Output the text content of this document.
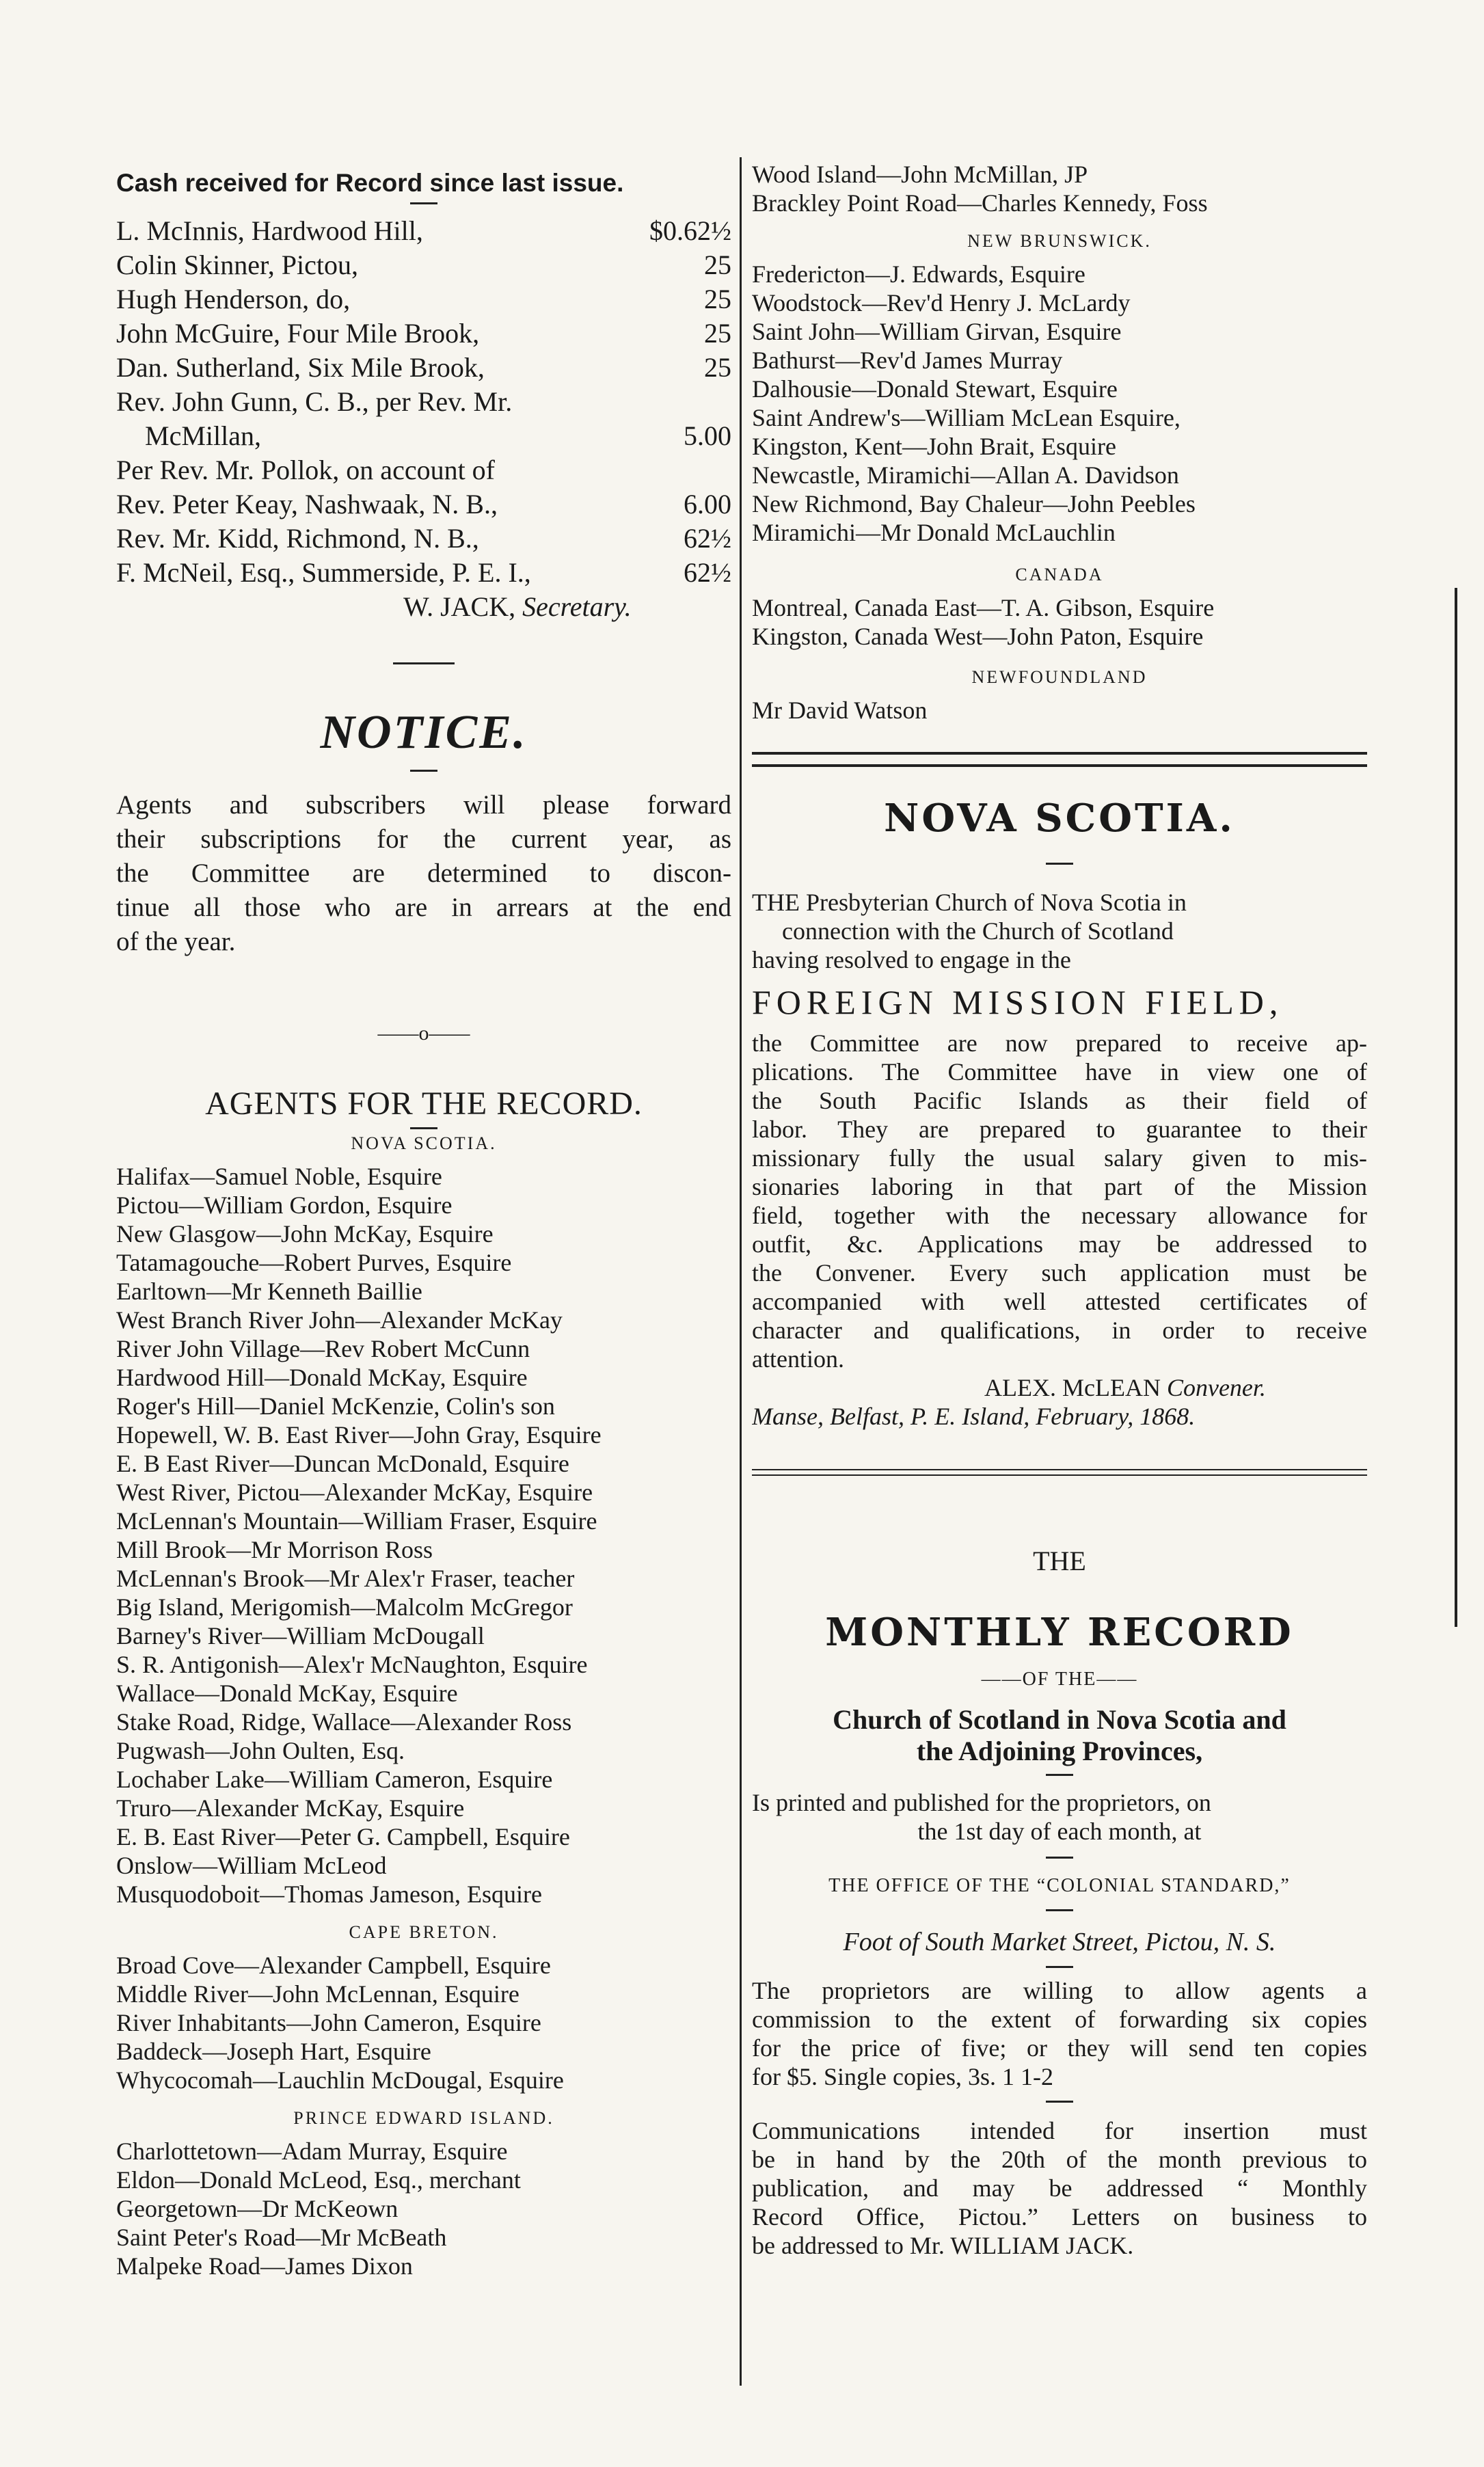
Cash received for Record since last issue.
L. McInnis, Hardwood Hill,	$0.62½
Colin Skinner, Pictou,	25
Hugh Henderson, do,	25
John McGuire, Four Mile Brook,	25
Dan. Sutherland, Six Mile Brook,	25
Rev. John Gunn, C. B., per Rev. Mr.
McMillan,	5.00
Per Rev. Mr. Pollok, on account of
Rev. Peter Keay, Nashwaak, N. B.,	6.00
Rev. Mr. Kidd, Richmond, N. B.,	62½
F. McNeil, Esq., Summerside, P. E. I.,	62½
W. JACK, Secretary.
NOTICE.
Agents and subscribers will please forward
their subscriptions for the current year, as
the Committee are determined to discon-
tinue all those who are in arrears at the end
of the year.
——o——
AGENTS FOR THE RECORD.
NOVA SCOTIA.
Halifax—Samuel Noble, Esquire
Pictou—William Gordon, Esquire
New Glasgow—John McKay, Esquire
Tatamagouche—Robert Purves, Esquire
Earltown—Mr Kenneth Baillie
West Branch River John—Alexander McKay
River John Village—Rev Robert McCunn
Hardwood Hill—Donald McKay, Esquire
Roger's Hill—Daniel McKenzie, Colin's son
Hopewell, W. B. East River—John Gray, Esquire
E. B East River—Duncan McDonald, Esquire
West River, Pictou—Alexander McKay, Esquire
McLennan's Mountain—William Fraser, Esquire
Mill Brook—Mr Morrison Ross
McLennan's Brook—Mr Alex'r Fraser, teacher
Big Island, Merigomish—Malcolm McGregor
Barney's River—William McDougall
S. R. Antigonish—Alex'r McNaughton, Esquire
Wallace—Donald McKay, Esquire
Stake Road, Ridge, Wallace—Alexander Ross
Pugwash—John Oulten, Esq.
Lochaber Lake—William Cameron, Esquire
Truro—Alexander McKay, Esquire
E. B. East River—Peter G. Campbell, Esquire
Onslow—William McLeod
Musquodoboit—Thomas Jameson, Esquire
CAPE BRETON.
Broad Cove—Alexander Campbell, Esquire
Middle River—John McLennan, Esquire
River Inhabitants—John Cameron, Esquire
Baddeck—Joseph Hart, Esquire
Whycocomah—Lauchlin McDougal, Esquire
PRINCE EDWARD ISLAND.
Charlottetown—Adam Murray, Esquire
Eldon—Donald McLeod, Esq., merchant
Georgetown—Dr McKeown
Saint Peter's Road—Mr McBeath
Malpeke Road—James Dixon
Wood Island—John McMillan, JP
Brackley Point Road—Charles Kennedy, Foss
NEW BRUNSWICK.
Fredericton—J. Edwards, Esquire
Woodstock—Rev'd Henry J. McLardy
Saint John—William Girvan, Esquire
Bathurst—Rev'd James Murray
Dalhousie—Donald Stewart, Esquire
Saint Andrew's—William McLean Esquire,
Kingston, Kent—John Brait, Esquire
Newcastle, Miramichi—Allan A. Davidson
New Richmond, Bay Chaleur—John Peebles
Miramichi—Mr Donald McLauchlin
CANADA
Montreal, Canada East—T. A. Gibson, Esquire
Kingston, Canada West—John Paton, Esquire
NEWFOUNDLAND
Mr David Watson
NOVA SCOTIA.
THE Presbyterian Church of Nova Scotia in
connection with the Church of Scotland
having resolved to engage in the
FOREIGN MISSION FIELD,
the Committee are now prepared to receive ap-
plications. The Committee have in view one of
the South Pacific Islands as their field of
labor. They are prepared to guarantee to their
missionary fully the usual salary given to mis-
sionaries laboring in that part of the Mission
field, together with the necessary allowance for
outfit, &c. Applications may be addressed to
the Convener. Every such application must be
accompanied with well attested certificates of
character and qualifications, in order to receive
attention.
ALEX. McLEAN Convener.
Manse, Belfast, P. E. Island, February, 1868.
THE
MONTHLY RECORD
——OF THE——
Church of Scotland in Nova Scotia and
the Adjoining Provinces,
Is printed and published for the proprietors, on
the 1st day of each month, at
THE OFFICE OF THE “COLONIAL STANDARD,”
Foot of South Market Street, Pictou, N. S.
The proprietors are willing to allow agents a
commission to the extent of forwarding six copies
for the price of five; or they will send ten copies
for $5. Single copies, 3s. 1 1-2
Communications intended for insertion must
be in hand by the 20th of the month previous to
publication, and may be addressed “ Monthly
Record Office, Pictou.” Letters on business to
be addressed to Mr. WILLIAM JACK.
